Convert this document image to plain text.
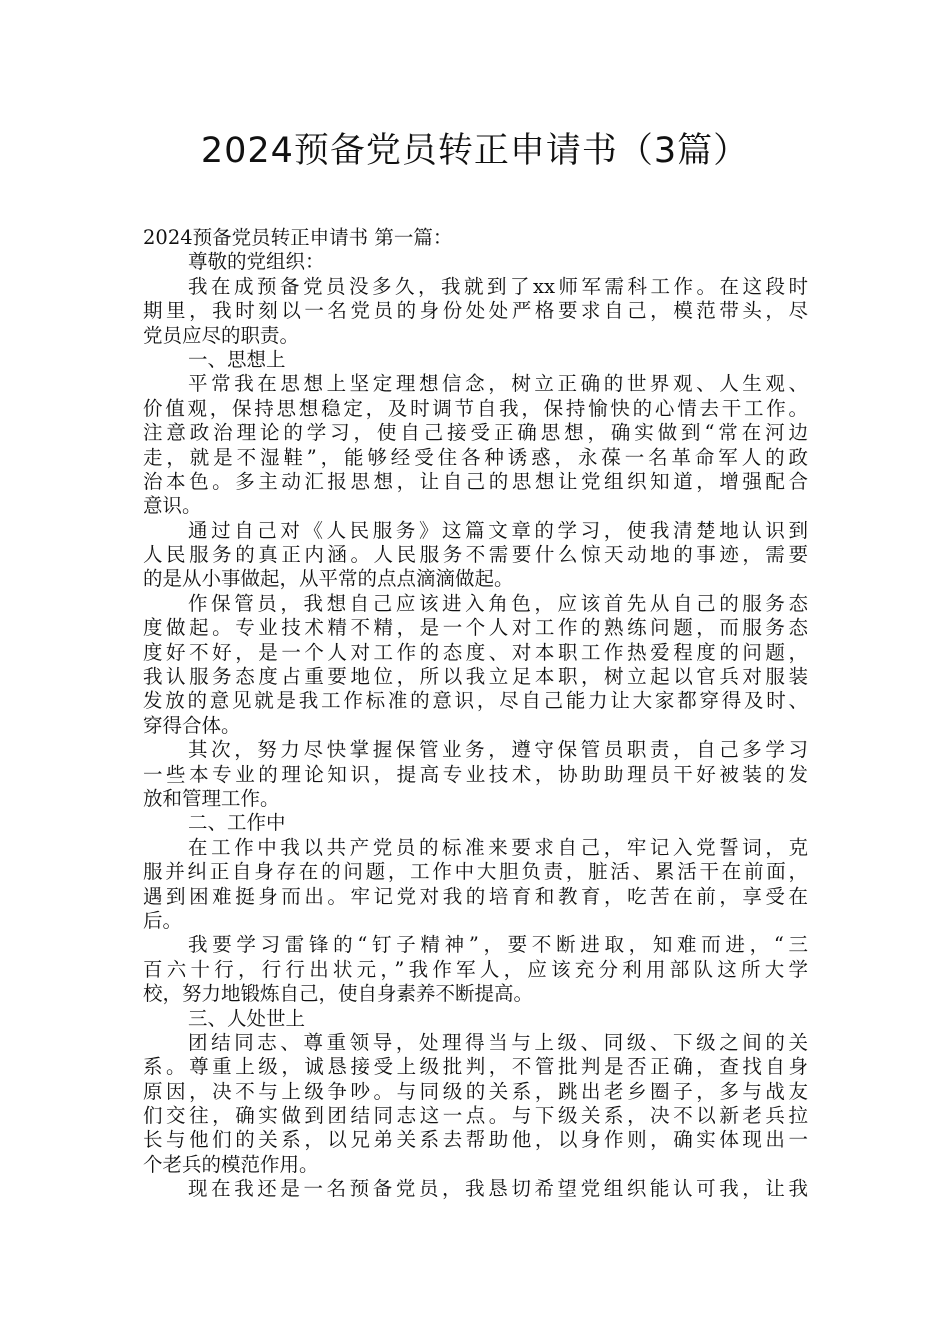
2024预备党员转正申请书（3篇）
2024预备党员转正申请书 第一篇：
尊敬的党组织：
我在成预备党员没多久，我就到了xx师军需科工作。在这段时
期里，我时刻以一名党员的身份处处严格要求自己，模范带头，尽
党员应尽的职责。
一、思想上
平常我在思想上坚定理想信念，树立正确的世界观、人生观、
价值观，保持思想稳定，及时调节自我，保持愉快的心情去干工作。
注意政治理论的学习，使自己接受正确思想，确实做到“常在河边
走，就是不湿鞋”，能够经受住各种诱惑，永葆一名革命军人的政
治本色。多主动汇报思想，让自己的思想让党组织知道，增强配合
意识。
通过自己对《人民服务》这篇文章的学习，使我清楚地认识到
人民服务的真正内涵。人民服务不需要什么惊天动地的事迹，需要
的是从小事做起，从平常的点点滴滴做起。
作保管员，我想自己应该进入角色，应该首先从自己的服务态
度做起。专业技术精不精，是一个人对工作的熟练问题，而服务态
度好不好，是一个人对工作的态度、对本职工作热爱程度的问题，
我认服务态度占重要地位，所以我立足本职，树立起以官兵对服装
发放的意见就是我工作标准的意识，尽自己能力让大家都穿得及时、
穿得合体。
其次，努力尽快掌握保管业务，遵守保管员职责，自己多学习
一些本专业的理论知识，提高专业技术，协助助理员干好被装的发
放和管理工作。
二、工作中
在工作中我以共产党员的标准来要求自己，牢记入党誓词，克
服并纠正自身存在的问题，工作中大胆负责，脏活、累活干在前面，
遇到困难挺身而出。牢记党对我的培育和教育，吃苦在前，享受在
后。
我要学习雷锋的“钉子精神”，要不断进取，知难而进，“三
百六十行，行行出状元，”我作军人，应该充分利用部队这所大学
校，努力地锻炼自己，使自身素养不断提高。
三、人处世上
团结同志、尊重领导，处理得当与上级、同级、下级之间的关
系。尊重上级，诚恳接受上级批判，不管批判是否正确，查找自身
原因，决不与上级争吵。与同级的关系，跳出老乡圈子，多与战友
们交往，确实做到团结同志这一点。与下级关系，决不以新老兵拉
长与他们的关系，以兄弟关系去帮助他，以身作则，确实体现出一
个老兵的模范作用。
现在我还是一名预备党员，我恳切希望党组织能认可我，让我
